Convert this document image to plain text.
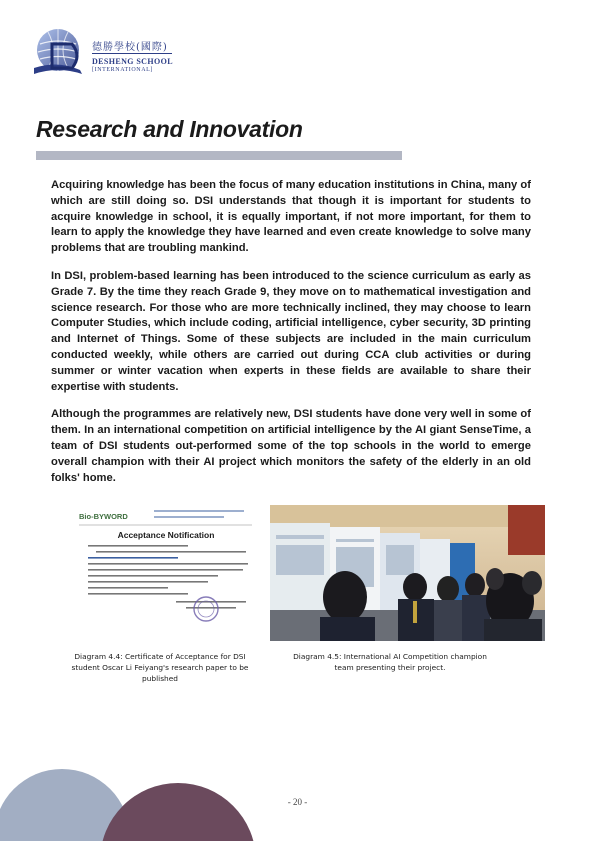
德勝學校(國際)
DESHENG SCHOOL
[INTERNATIONAL]
Research and Innovation

Acquiring knowledge has been the focus of many education institutions in China, many of which are still doing so. DSI understands that though it is important for students to acquire knowledge in school, it is equally important, if not more important, for them to learn to apply the knowledge they have learned and even create knowledge to solve many problems that are troubling mankind.

In DSI, problem-based learning has been introduced to the science curriculum as early as Grade 7. By the time they reach Grade 9, they move on to mathematical investigation and science research. For those who are more technically inclined, they may choose to learn Computer Studies, which include coding, artificial intelligence, cyber security, 3D printing and Internet of Things. Some of these subjects are included in the main curriculum conducted weekly, while others are carried out during CCA club activities or during summer or winter vacation when experts in these fields are available to share their expertise with students.

Although the programmes are relatively new, DSI students have done very well in some of them. In an international competition on artificial intelligence by the AI giant SenseTime, a team of DSI students out-performed some of the top schools in the world to emerge overall champion with their AI project which monitors the safety of the elderly in an old folks' home.

Bio-BYWORD
Acceptance Notification
Diagram 4.4: Certificate of Acceptance for DSI student Oscar Li Feiyang's research paper to be published
Diagram 4.5: International AI Competition champion team presenting their project.
- 20 -
